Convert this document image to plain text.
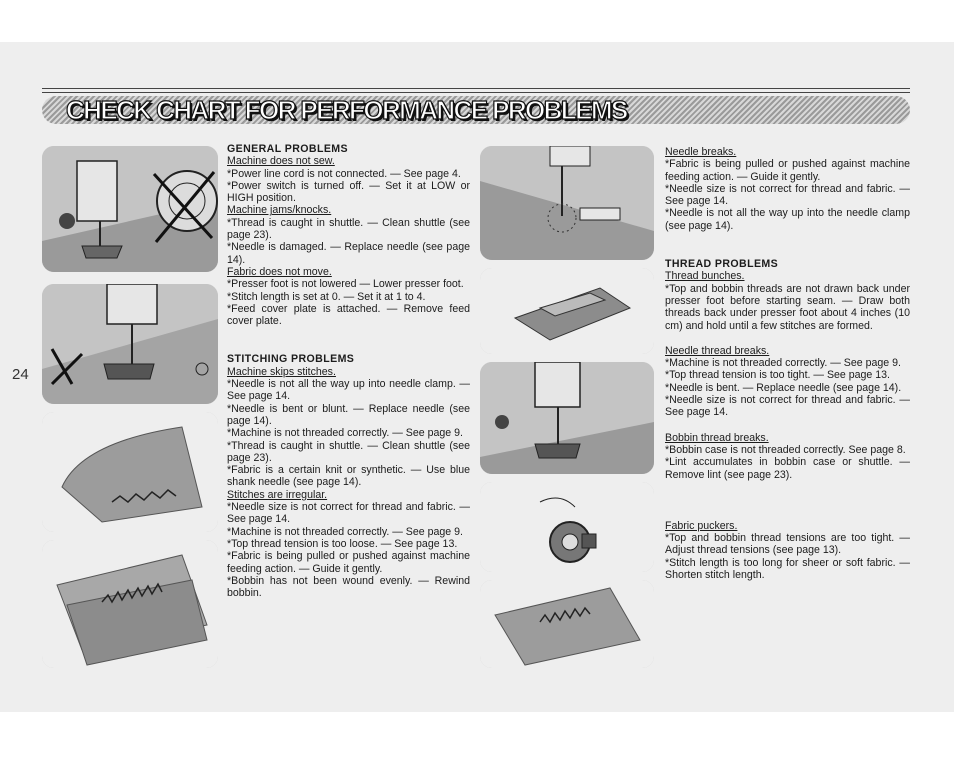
CHECK CHART FOR PERFORMANCE PROBLEMS
24
GENERAL PROBLEMS
Machine does not sew.
*Power line cord is not connected. — See page 4.
*Power switch is turned off. — Set it at LOW or HIGH position.
Machine jams/knocks.
*Thread is caught in shuttle. — Clean shuttle (see page 23).
*Needle is damaged. — Replace needle (see page 14).
Fabric does not move.
*Presser foot is not lowered — Lower presser foot.
*Stitch length is set at 0. — Set it at 1 to 4.
*Feed cover plate is attached. — Remove feed cover plate.
STITCHING PROBLEMS
Machine skips stitches.
*Needle is not all the way up into needle clamp. — See page 14.
*Needle is bent or blunt. — Replace needle (see page 14).
*Machine is not threaded correctly. — See page 9.
*Thread is caught in shuttle. — Clean shuttle (see page 23).
*Fabric is a certain knit or synthetic. — Use blue shank needle (see page 14).
Stitches are irregular.
*Needle size is not correct for thread and fabric. — See page 14.
*Machine is not threaded correctly. — See page 9.
*Top thread tension is too loose. — See page 13.
*Fabric is being pulled or pushed against machine feeding action. — Guide it gently.
*Bobbin has not been wound evenly. — Rewind bobbin.
Needle breaks.
*Fabric is being pulled or pushed against machine feeding action. — Guide it gently.
*Needle size is not correct for thread and fabric. — See page 14.
*Needle is not all the way up into the needle clamp (see page 14).
THREAD PROBLEMS
Thread bunches.
*Top and bobbin threads are not drawn back under presser foot before starting seam. — Draw both threads back under presser foot about 4 inches (10 cm) and hold until a few stitches are formed.
Needle thread breaks.
*Machine is not threaded correctly. — See page 9.
*Top thread tension is too tight. — See page 13.
*Needle is bent. — Replace needle (see page 14).
*Needle size is not correct for thread and fabric. — See page 14.
Bobbin thread breaks.
*Bobbin case is not threaded correctly. See page 8.
*Lint accumulates in bobbin case or shuttle. — Remove lint (see page 23).
Fabric puckers.
*Top and bobbin thread tensions are too tight. — Adjust thread tensions (see page 13).
*Stitch length is too long for sheer or soft fabric. — Shorten stitch length.
